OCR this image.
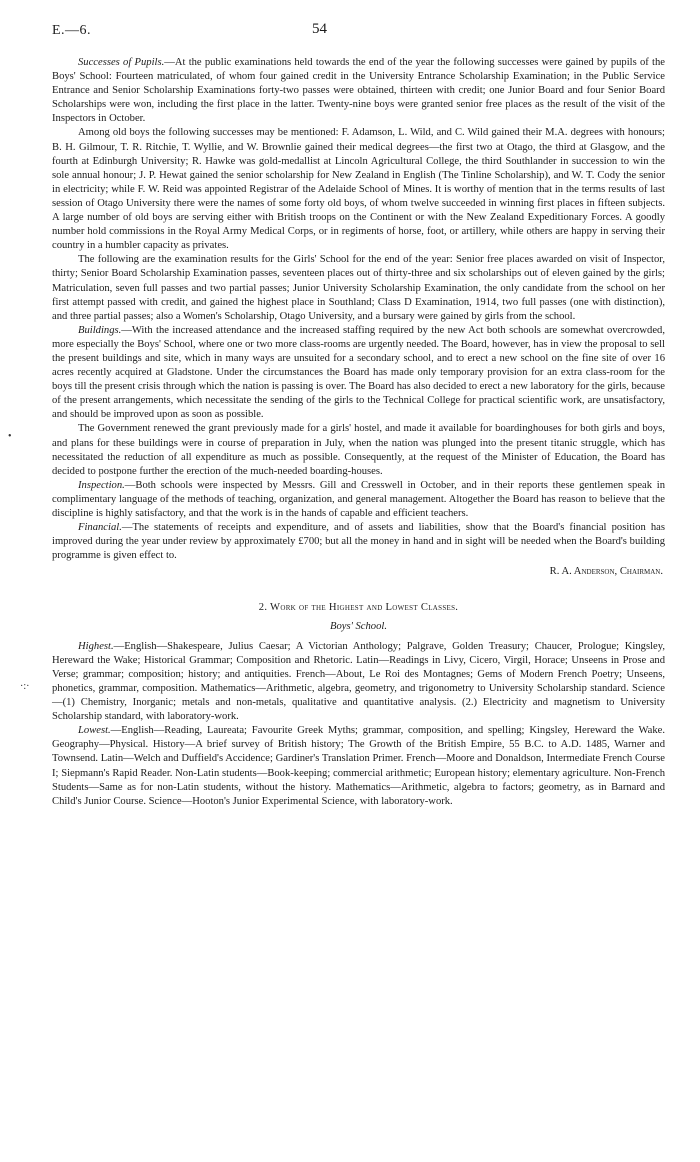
E.—6.	54

Successes of Pupils.—At the public examinations held towards the end of the year the following successes were gained by pupils of the Boys' School: Fourteen matriculated, of whom four gained credit in the University Entrance Scholarship Examination; in the Public Service Entrance and Senior Scholarship Examinations forty-two passes were obtained, thirteen with credit; one Junior Board and four Senior Board Scholarships were won, including the first place in the latter. Twenty-nine boys were granted senior free places as the result of the visit of the Inspectors in October.

Among old boys the following successes may be mentioned: F. Adamson, L. Wild, and C. Wild gained their M.A. degrees with honours; B. H. Gilmour, T. R. Ritchie, T. Wyllie, and W. Brownlie gained their medical degrees—the first two at Otago, the third at Glasgow, and the fourth at Edinburgh University; R. Hawke was gold-medallist at Lincoln Agricultural College, the third Southlander in succession to win the sole annual honour; J. P. Hewat gained the senior scholarship for New Zealand in English (The Tinline Scholarship), and W. T. Cody the senior in electricity; while F. W. Reid was appointed Registrar of the Adelaide School of Mines. It is worthy of mention that in the terms results of last session of Otago University there were the names of some forty old boys, of whom twelve succeeded in winning first places in fifteen subjects. A large number of old boys are serving either with British troops on the Continent or with the New Zealand Expeditionary Forces. A goodly number hold commissions in the Royal Army Medical Corps, or in regiments of horse, foot, or artillery, while others are happy in serving their country in a humbler capacity as privates.

The following are the examination results for the Girls' School for the end of the year: Senior free places awarded on visit of Inspector, thirty; Senior Board Scholarship Examination passes, seventeen places out of thirty-three and six scholarships out of eleven gained by the girls; Matriculation, seven full passes and two partial passes; Junior University Scholarship Examination, the only candidate from the school on her first attempt passed with credit, and gained the highest place in Southland; Class D Examination, 1914, two full passes (one with distinction), and three partial passes; also a Women's Scholarship, Otago University, and a bursary were gained by girls from the school.

Buildings.—With the increased attendance and the increased staffing required by the new Act both schools are somewhat overcrowded, more especially the Boys' School, where one or two more class-rooms are urgently needed. The Board, however, has in view the proposal to sell the present buildings and site, which in many ways are unsuited for a secondary school, and to erect a new school on the fine site of over 16 acres recently acquired at Gladstone. Under the circumstances the Board has made only temporary provision for an extra class-room for the boys till the present crisis through which the nation is passing is over. The Board has also decided to erect a new laboratory for the girls, because of the present arrangements, which necessitate the sending of the girls to the Technical College for practical scientific work, are unsatisfactory, and should be improved upon as soon as possible.

The Government renewed the grant previously made for a girls' hostel, and made it available for boardinghouses for both girls and boys, and plans for these buildings were in course of preparation in July, when the nation was plunged into the present titanic struggle, which has necessitated the reduction of all expenditure as much as possible. Consequently, at the request of the Minister of Education, the Board has decided to postpone further the erection of the much-needed boarding-houses.

Inspection.—Both schools were inspected by Messrs. Gill and Cresswell in October, and in their reports these gentlemen speak in complimentary language of the methods of teaching, organization, and general management. Altogether the Board has reason to believe that the discipline is highly satisfactory, and that the work is in the hands of capable and efficient teachers.

Financial.—The statements of receipts and expenditure, and of assets and liabilities, show that the Board's financial position has improved during the year under review by approximately £700; but all the money in hand and in sight will be needed when the Board's building programme is given effect to.

R. A. Anderson, Chairman.
2. Work of the Highest and Lowest Classes.
Boys' School.

Highest.—English—Shakespeare, Julius Caesar; A Victorian Anthology; Palgrave, Golden Treasury; Chaucer, Prologue; Kingsley, Hereward the Wake; Historical Grammar; Composition and Rhetoric. Latin—Readings in Livy, Cicero, Virgil, Horace; Unseens in Prose and Verse; grammar; composition; history; and antiquities. French—About, Le Roi des Montagnes; Gems of Modern French Poetry; Unseens, phonetics, grammar, composition. Mathematics—Arithmetic, algebra, geometry, and trigonometry to University Scholarship standard. Science—(1) Chemistry, Inorganic; metals and non-metals, qualitative and quantitative analysis. (2.) Electricity and magnetism to University Scholarship standard, with laboratory-work.

Lowest.—English—Reading, Laureata; Favourite Greek Myths; grammar, composition, and spelling; Kingsley, Hereward the Wake. Geography—Physical. History—A brief survey of British history; The Growth of the British Empire, 55 B.C. to A.D. 1485, Warner and Townsend. Latin—Welch and Duffield's Accidence; Gardiner's Translation Primer. French—Moore and Donaldson, Intermediate French Course I; Siepmann's Rapid Reader. Non-Latin students—Book-keeping; commercial arithmetic; European history; elementary agriculture. Non-French Students—Same as for non-Latin students, without the history. Mathematics—Arithmetic, algebra to factors; geometry, as in Barnard and Child's Junior Course. Science—Hooton's Junior Experimental Science, with laboratory-work.

•
·:·
